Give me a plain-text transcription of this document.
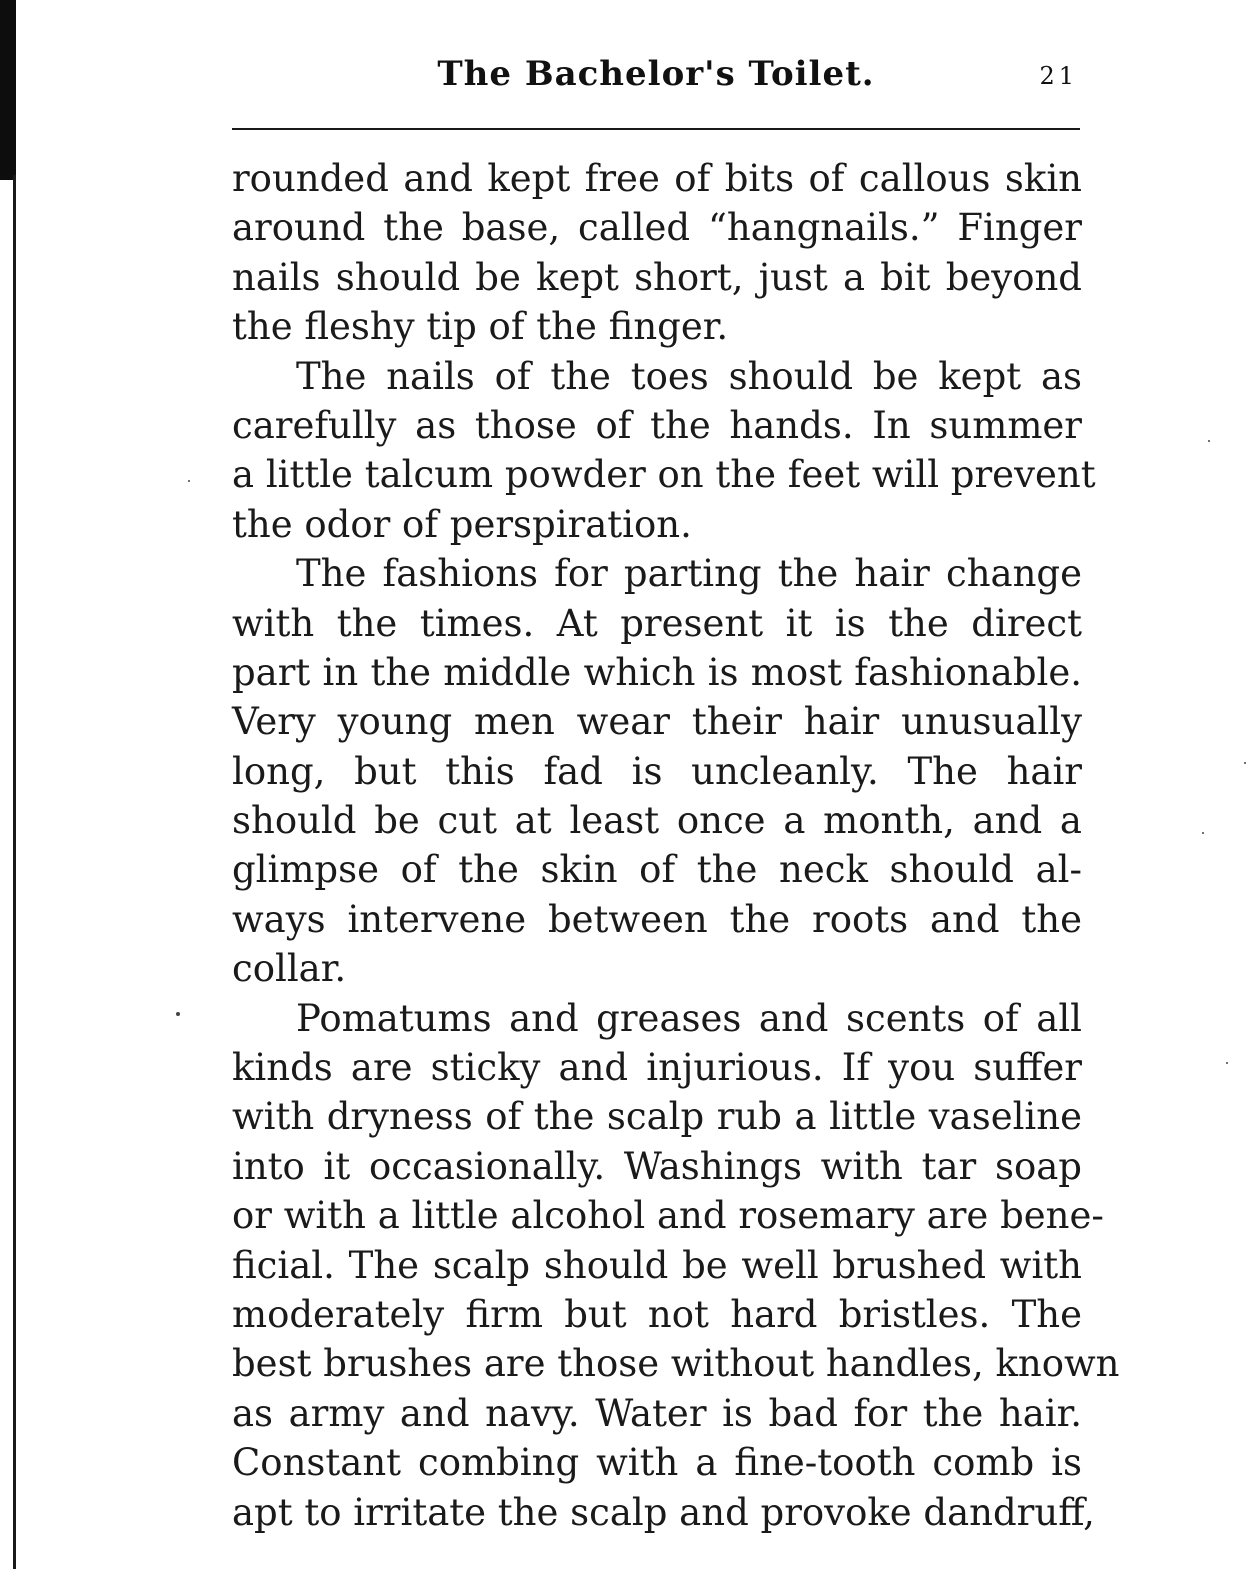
The Bachelor's Toilet.	21
rounded and kept free of bits of callous skin
around the base, called “hangnails.” Finger
nails should be kept short, just a bit beyond
the fleshy tip of the finger.
The nails of the toes should be kept as
carefully as those of the hands. In summer
a little talcum powder on the feet will prevent
the odor of perspiration.
The fashions for parting the hair change
with the times. At present it is the direct
part in the middle which is most fashionable.
Very young men wear their hair unusually
long, but this fad is uncleanly. The hair
should be cut at least once a month, and a
glimpse of the skin of the neck should al-
ways intervene between the roots and the
collar.
Pomatums and greases and scents of all
kinds are sticky and injurious. If you suffer
with dryness of the scalp rub a little vaseline
into it occasionally. Washings with tar soap
or with a little alcohol and rosemary are bene-
ficial. The scalp should be well brushed with
moderately firm but not hard bristles. The
best brushes are those without handles, known
as army and navy. Water is bad for the hair.
Constant combing with a fine-tooth comb is
apt to irritate the scalp and provoke dandruff,
